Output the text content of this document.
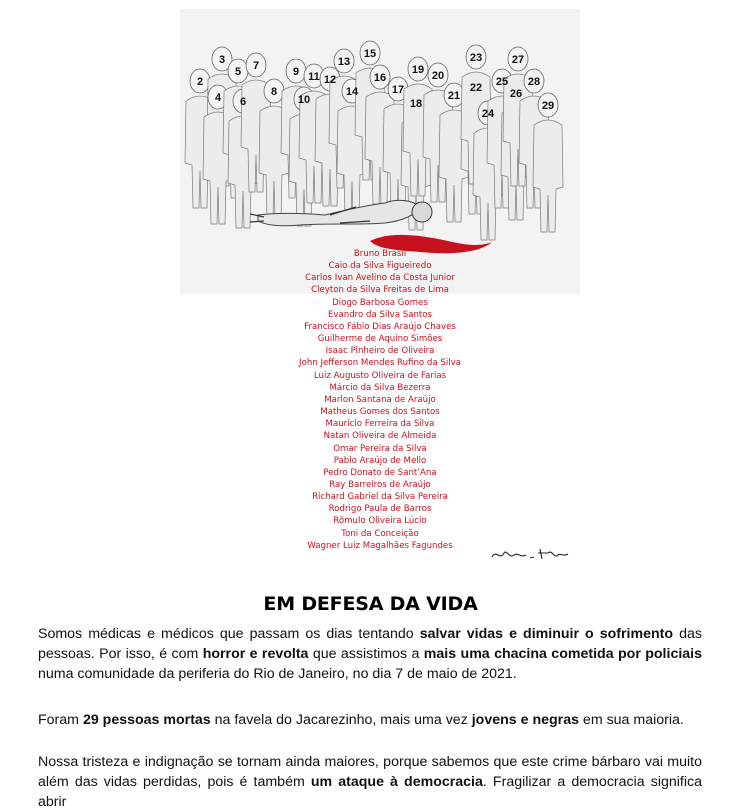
2
3
4
5
6
7
8
9
10
11 12
13
14
15
16
17
18
19 20
21
22
23
24
25
26
27
28
29
Bruno Brasil
Caio da Silva Figueiredo
Carlos Ivan Avelino da Costa Junior
Cleyton da Silva Freitas de Lima
Diogo Barbosa Gomes
Evandro da Silva Santos
Francisco Fábio Dias Araújo Chaves
Guilherme de Aquino Simões
Isaac Pinheiro de Oliveira
John Jefferson Mendes Rufino da Silva
Luiz Augusto Oliveira de Farias
Márcio da Silva Bezerra
Marlon Santana de Araújo
Matheus Gomes dos Santos
Maurício Ferreira da Silva
Natan Oliveira de Almeida
Omar Pereira da Silva
Pablo Araújo de Mello
Pedro Donato de Sant’Ana
Ray Barreiros de Araújo
Richard Gabriel da Silva Pereira
Rodrigo Paula de Barros
Rômulo Oliveira Lúcio
Toni da Conceição
Wagner Luiz Magalhães Fagundes
EM DEFESA DA VIDA

Somos médicas e médicos que passam os dias tentando salvar vidas e diminuir o sofrimento das pessoas. Por isso, é com horror e revolta que assistimos a mais uma chacina cometida por policiais numa comunidade da periferia do Rio de Janeiro, no dia 7 de maio de 2021.

Foram 29 pessoas mortas na favela do Jacarezinho, mais uma vez jovens e negras em sua maioria.

Nossa tristeza e indignação se tornam ainda maiores, porque sabemos que este crime bárbaro vai muito além das vidas perdidas, pois é também um ataque à democracia. Fragilizar a democracia significa abrir
